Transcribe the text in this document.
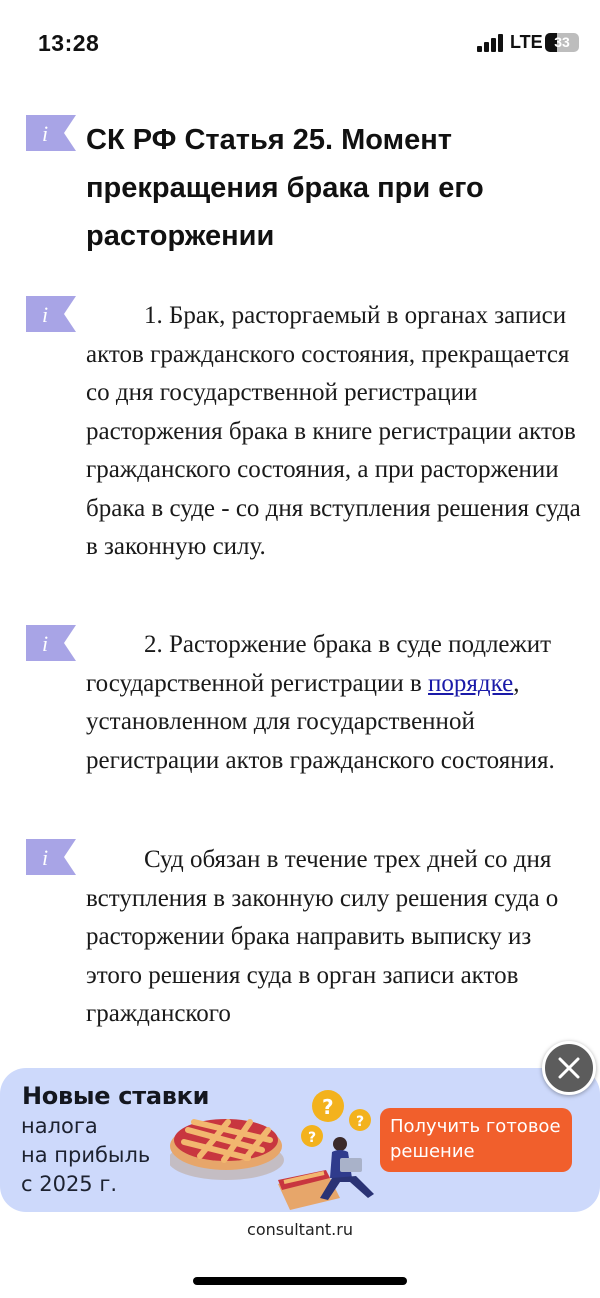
13:28	LTE 33
i
i
i
i
СК РФ Статья 25. Момент прекращения брака при его расторжении

1. Брак, расторгаемый в органах записи актов гражданского состояния, прекращается со дня государственной регистрации расторжения брака в книге регистрации актов гражданского состояния, а при расторжении брака в суде - со дня вступления решения суда в законную силу.

2. Расторжение брака в суде подлежит государственной регистрации в порядке, установленном для государственной регистрации актов гражданского состояния.

Суд обязан в течение трех дней со дня вступления в законную силу решения суда о расторжении брака направить выписку из этого решения суда в орган записи актов гражданского

Новые ставки
налога
на прибыль
с 2025 г.
?
?
?
Получить готовое решение
consultant.ru
